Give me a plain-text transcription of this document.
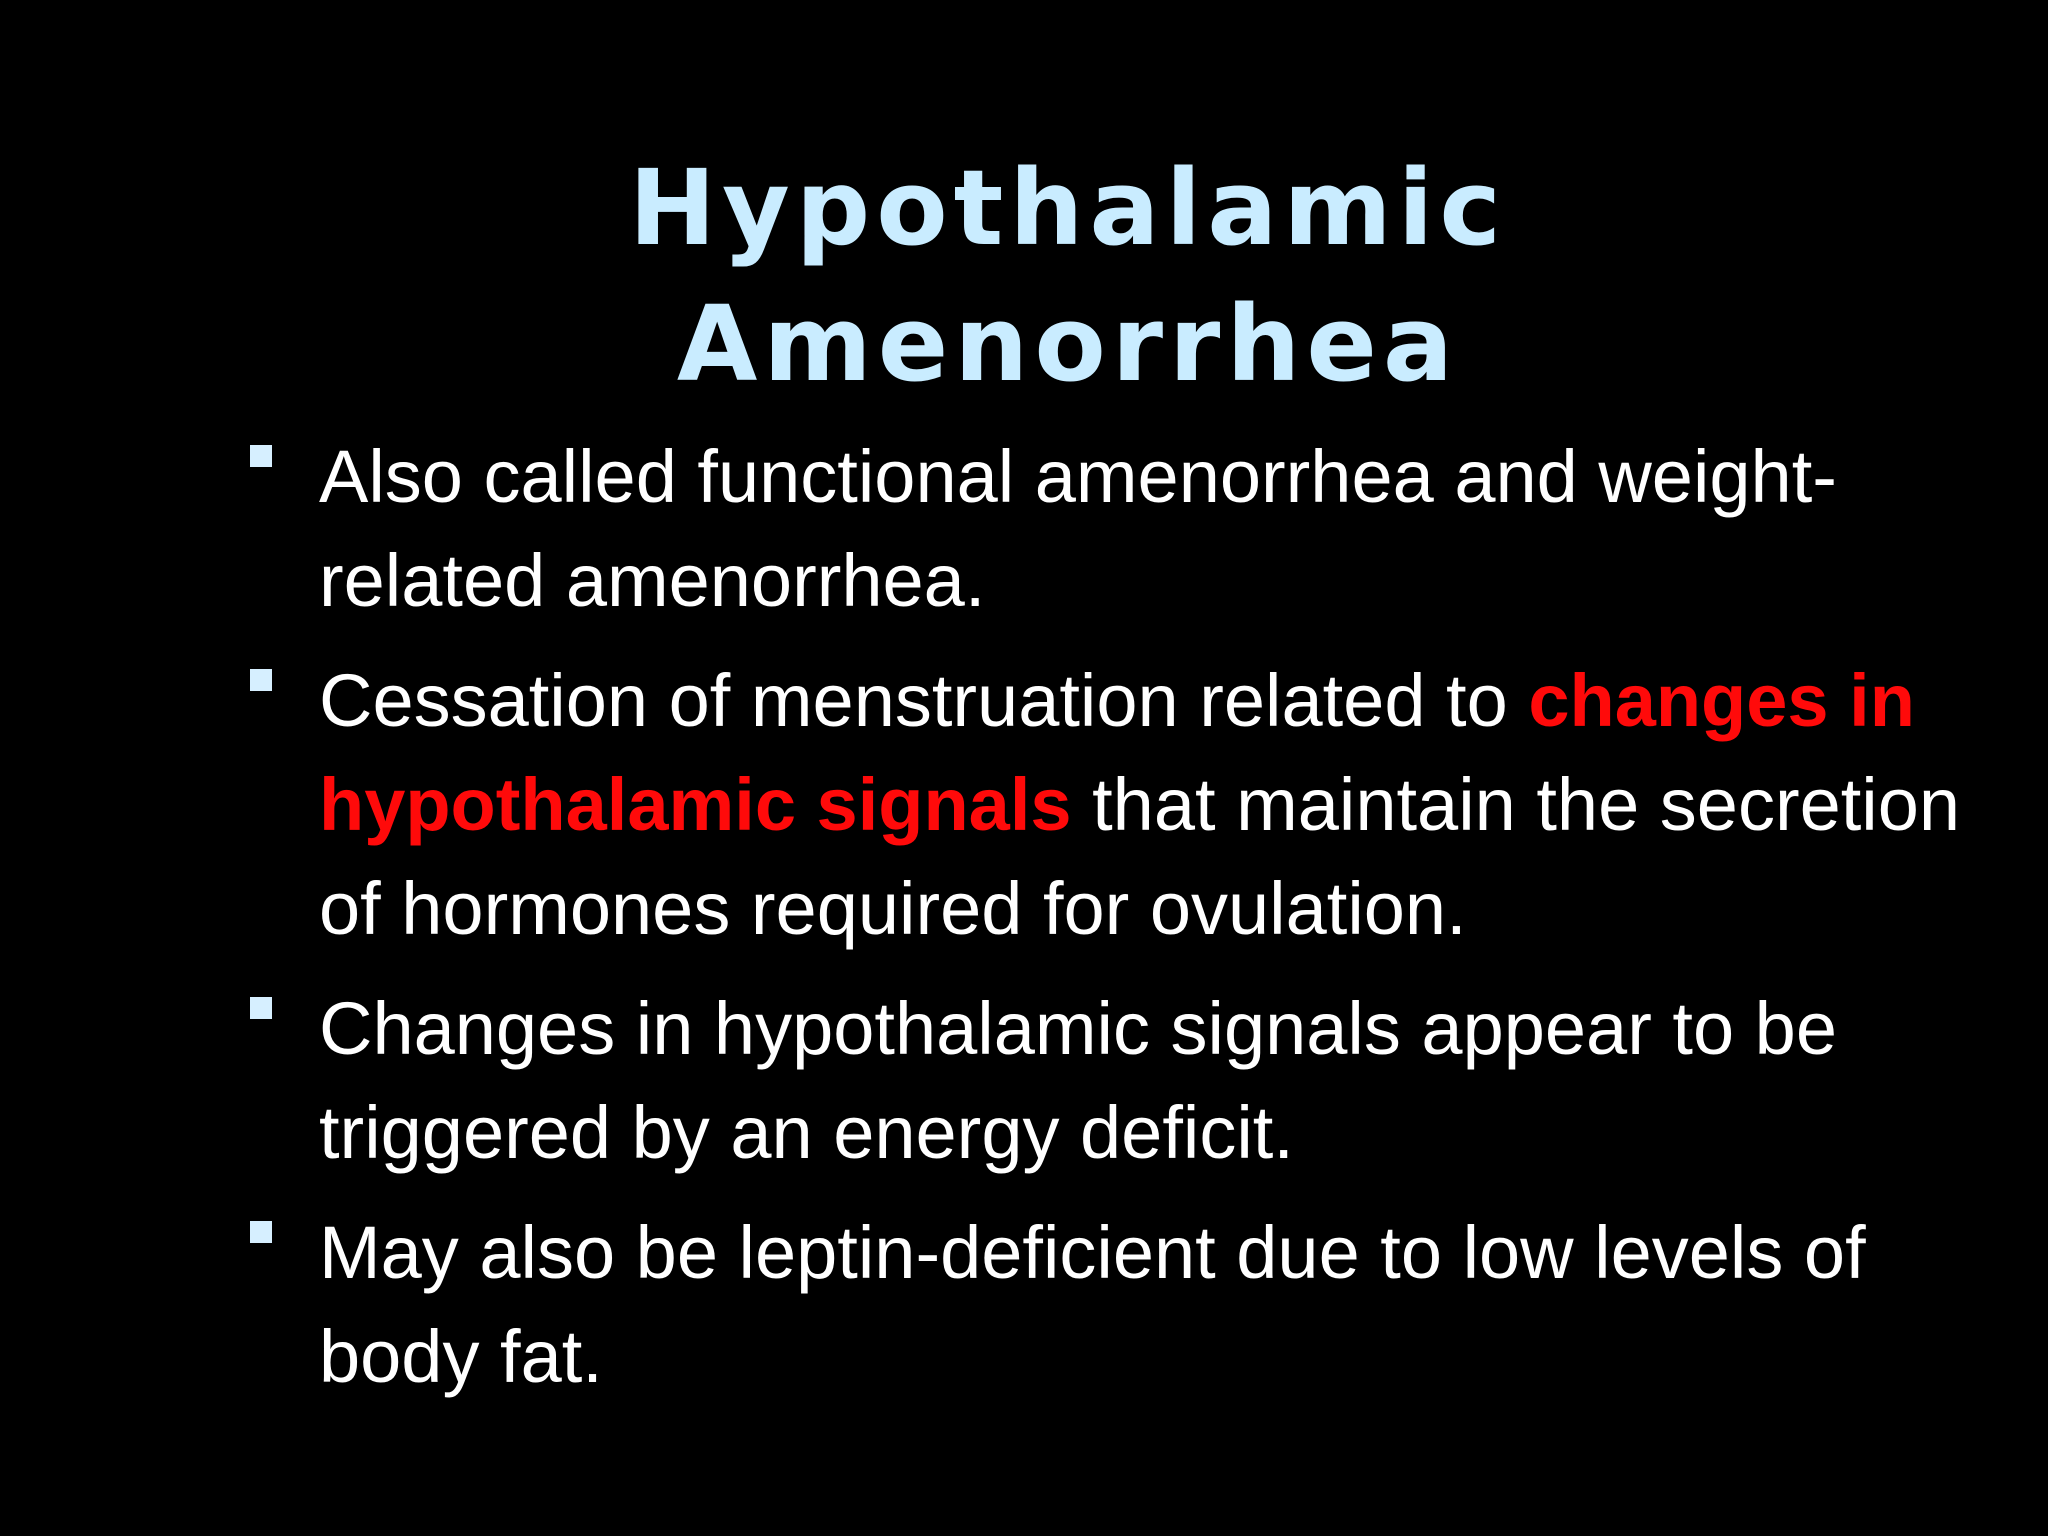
Hypothalamic
Amenorrhea
Also called functional amenorrhea and weight-related amenorrhea.
Cessation of menstruation related to changes in hypothalamic signals that maintain the secretion of hormones required for ovulation.
Changes in hypothalamic signals appear to be triggered by an energy deficit.
May also be leptin-deficient due to low levels of body fat.
